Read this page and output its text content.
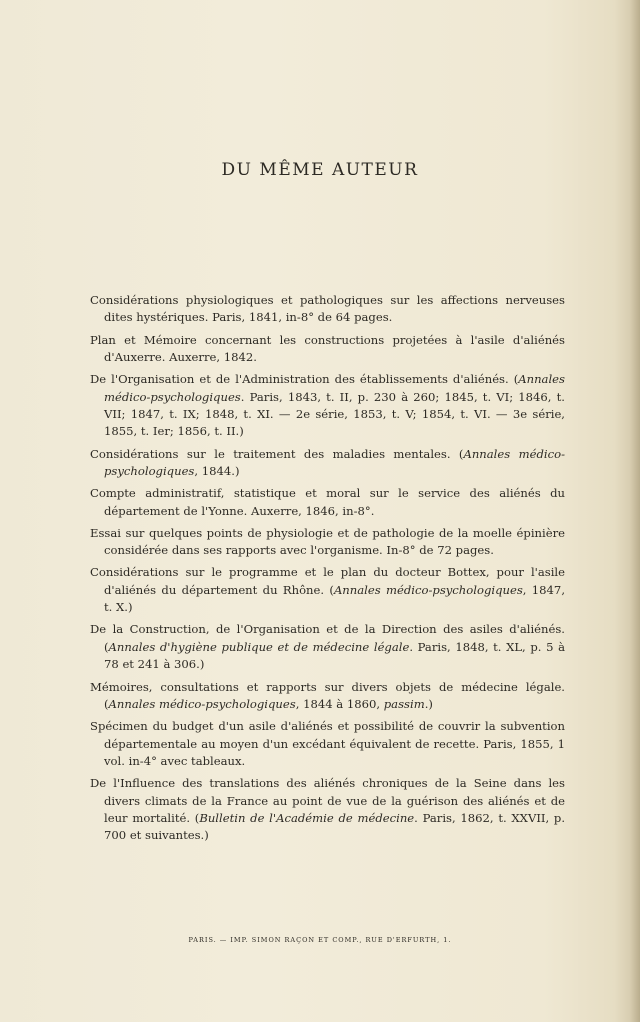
DU MÊME AUTEUR

Considérations physiologiques et pathologiques sur les affections nerveuses dites hystériques. Paris, 1841, in-8° de 64 pages.

Plan et Mémoire concernant les constructions projetées à l'asile d'aliénés d'Auxerre. Auxerre, 1842.

De l'Organisation et de l'Administration des établissements d'aliénés. (Annales médico-psychologiques. Paris, 1843, t. II, p. 230 à 260; 1845, t. VI; 1846, t. VII; 1847, t. IX; 1848, t. XI. — 2e série, 1853, t. V; 1854, t. VI. — 3e série, 1855, t. Ier; 1856, t. II.)

Considérations sur le traitement des maladies mentales. (Annales médico-psychologiques, 1844.)

Compte administratif, statistique et moral sur le service des aliénés du département de l'Yonne. Auxerre, 1846, in-8°.

Essai sur quelques points de physiologie et de pathologie de la moelle épinière considérée dans ses rapports avec l'organisme. In-8° de 72 pages.

Considérations sur le programme et le plan du docteur Bottex, pour l'asile d'aliénés du département du Rhône. (Annales médico-psychologiques, 1847, t. X.)

De la Construction, de l'Organisation et de la Direction des asiles d'aliénés. (Annales d'hygiène publique et de médecine légale. Paris, 1848, t. XL, p. 5 à 78 et 241 à 306.)

Mémoires, consultations et rapports sur divers objets de médecine légale. (Annales médico-psychologiques, 1844 à 1860, passim.)

Spécimen du budget d'un asile d'aliénés et possibilité de couvrir la subvention départementale au moyen d'un excédant équivalent de recette. Paris, 1855, 1 vol. in-4° avec tableaux.

De l'Influence des translations des aliénés chroniques de la Seine dans les divers climats de la France au point de vue de la guérison des aliénés et de leur mortalité. (Bulletin de l'Académie de médecine. Paris, 1862, t. XXVII, p. 700 et suivantes.)

PARIS. — IMP. SIMON RAÇON ET COMP., RUE D'ERFURTH, 1.
